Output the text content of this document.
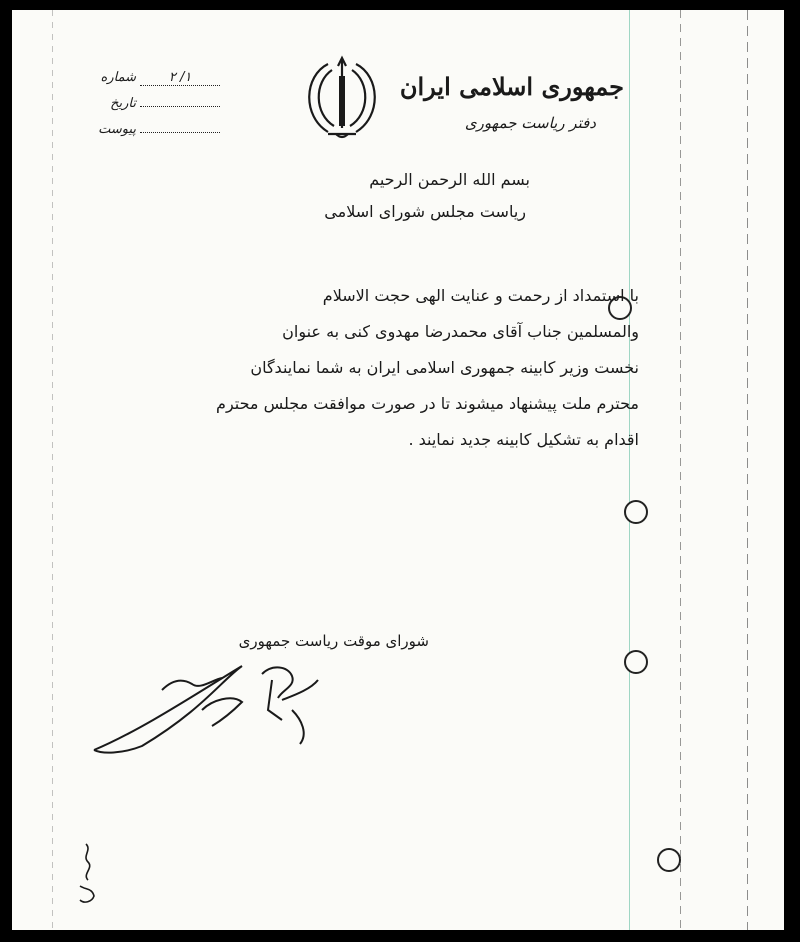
جمهوری اسلامی ایران
دفتر ریاست جمهوری
شماره	۱/ ۲
تاریخ
پیوست
بسم الله الرحمن الرحیم
ریاست مجلس شورای اسلامی

با استمداد از رحمت و عنایت الهی حجت الاسلام

والمسلمین جناب آقای محمدرضا مهدوی کنی به عنوان

نخست وزیر کابینه جمهوری اسلامی ایران به شما نمایندگان

محترم ملت پیشنهاد میشوند تا در صورت موافقت مجلس محترم

اقدام به تشکیل کابینه جدید نمایند .

شورای موقت ریاست جمهوری
